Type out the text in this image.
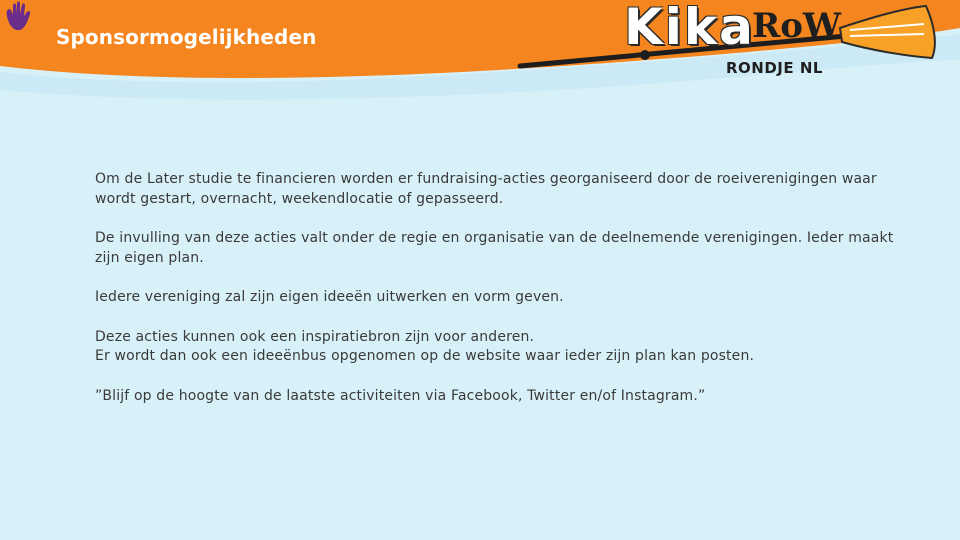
Sponsormogelijkheden	Kika
RoW
RONDJE NL

Om de Later studie te financieren worden er fundraising-acties georganiseerd door de roeiverenigingen waar
wordt gestart, overnacht, weekendlocatie of gepasseerd.

De invulling van deze acties valt onder de regie en organisatie van de deelnemende verenigingen. Ieder maakt
zijn eigen plan.

Iedere vereniging zal zijn eigen ideeën uitwerken en vorm geven.

Deze acties kunnen ook een inspiratiebron zijn voor anderen.
Er wordt dan ook een ideeënbus opgenomen op de website waar ieder zijn plan kan posten.

”Blijf op de hoogte van de laatste activiteiten via Facebook, Twitter en/of Instagram.”
